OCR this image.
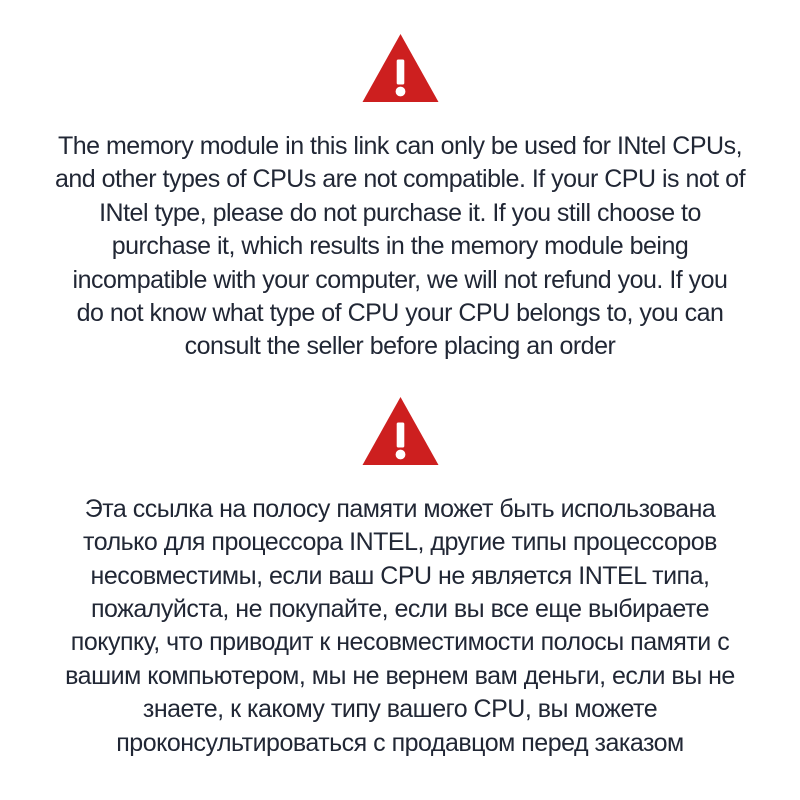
The memory module in this link can only be used for INtel CPUs,
and other types of CPUs are not compatible. If your CPU is not of
INtel type, please do not purchase it. If you still choose to
purchase it, which results in the memory module being
incompatible with your computer, we will not refund you. If you
do not know what type of CPU your CPU belongs to, you can
consult the seller before placing an order
Эта ссылка на полосу памяти может быть использована
только для процессора INTEL, другие типы процессоров
несовместимы, если ваш CPU не является INTEL типа,
пожалуйста, не покупайте, если вы все еще выбираете
покупку, что приводит к несовместимости полосы памяти с
вашим компьютером, мы не вернем вам деньги, если вы не
знаете, к какому типу вашего CPU, вы можете
проконсультироваться с продавцом перед заказом
